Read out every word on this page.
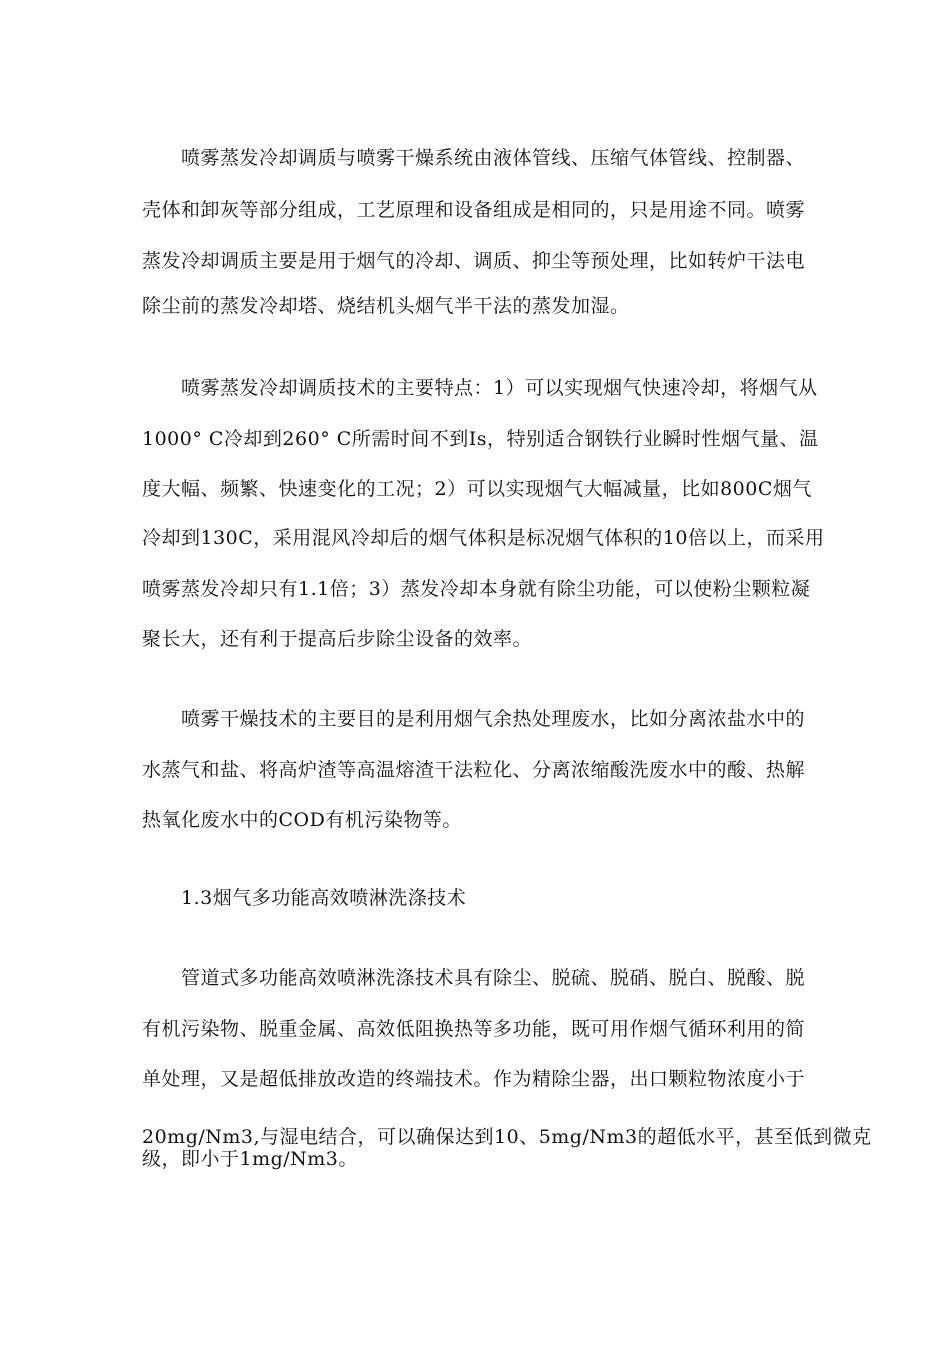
喷雾蒸发冷却调质与喷雾干燥系统由液体管线、压缩气体管线、控制器、
壳体和卸灰等部分组成，工艺原理和设备组成是相同的，只是用途不同。喷雾
蒸发冷却调质主要是用于烟气的冷却、调质、抑尘等预处理，比如转炉干法电
除尘前的蒸发冷却塔、烧结机头烟气半干法的蒸发加湿。
喷雾蒸发冷却调质技术的主要特点：1）可以实现烟气快速冷却，将烟气从
1000° C冷却到260° C所需时间不到Is，特别适合钢铁行业瞬时性烟气量、温
度大幅、频繁、快速变化的工况；2）可以实现烟气大幅减量，比如800C烟气
冷却到130C，采用混风冷却后的烟气体积是标况烟气体积的10倍以上，而采用
喷雾蒸发冷却只有1.1倍；3）蒸发冷却本身就有除尘功能，可以使粉尘颗粒凝
聚长大，还有利于提高后步除尘设备的效率。
喷雾干燥技术的主要目的是利用烟气余热处理废水，比如分离浓盐水中的
水蒸气和盐、将高炉渣等高温熔渣干法粒化、分离浓缩酸洗废水中的酸、热解
热氧化废水中的COD有机污染物等。
1.3烟气多功能高效喷淋洗涤技术
管道式多功能高效喷淋洗涤技术具有除尘、脱硫、脱硝、脱白、脱酸、脱
有机污染物、脱重金属、高效低阻换热等多功能，既可用作烟气循环利用的简
单处理，又是超低排放改造的终端技术。作为精除尘器，出口颗粒物浓度小于
20mg/Nm3,与湿电结合，可以确保达到10、5mg/Nm3的超低水平，甚至低到微克
级，即小于1mg/Nm3。
